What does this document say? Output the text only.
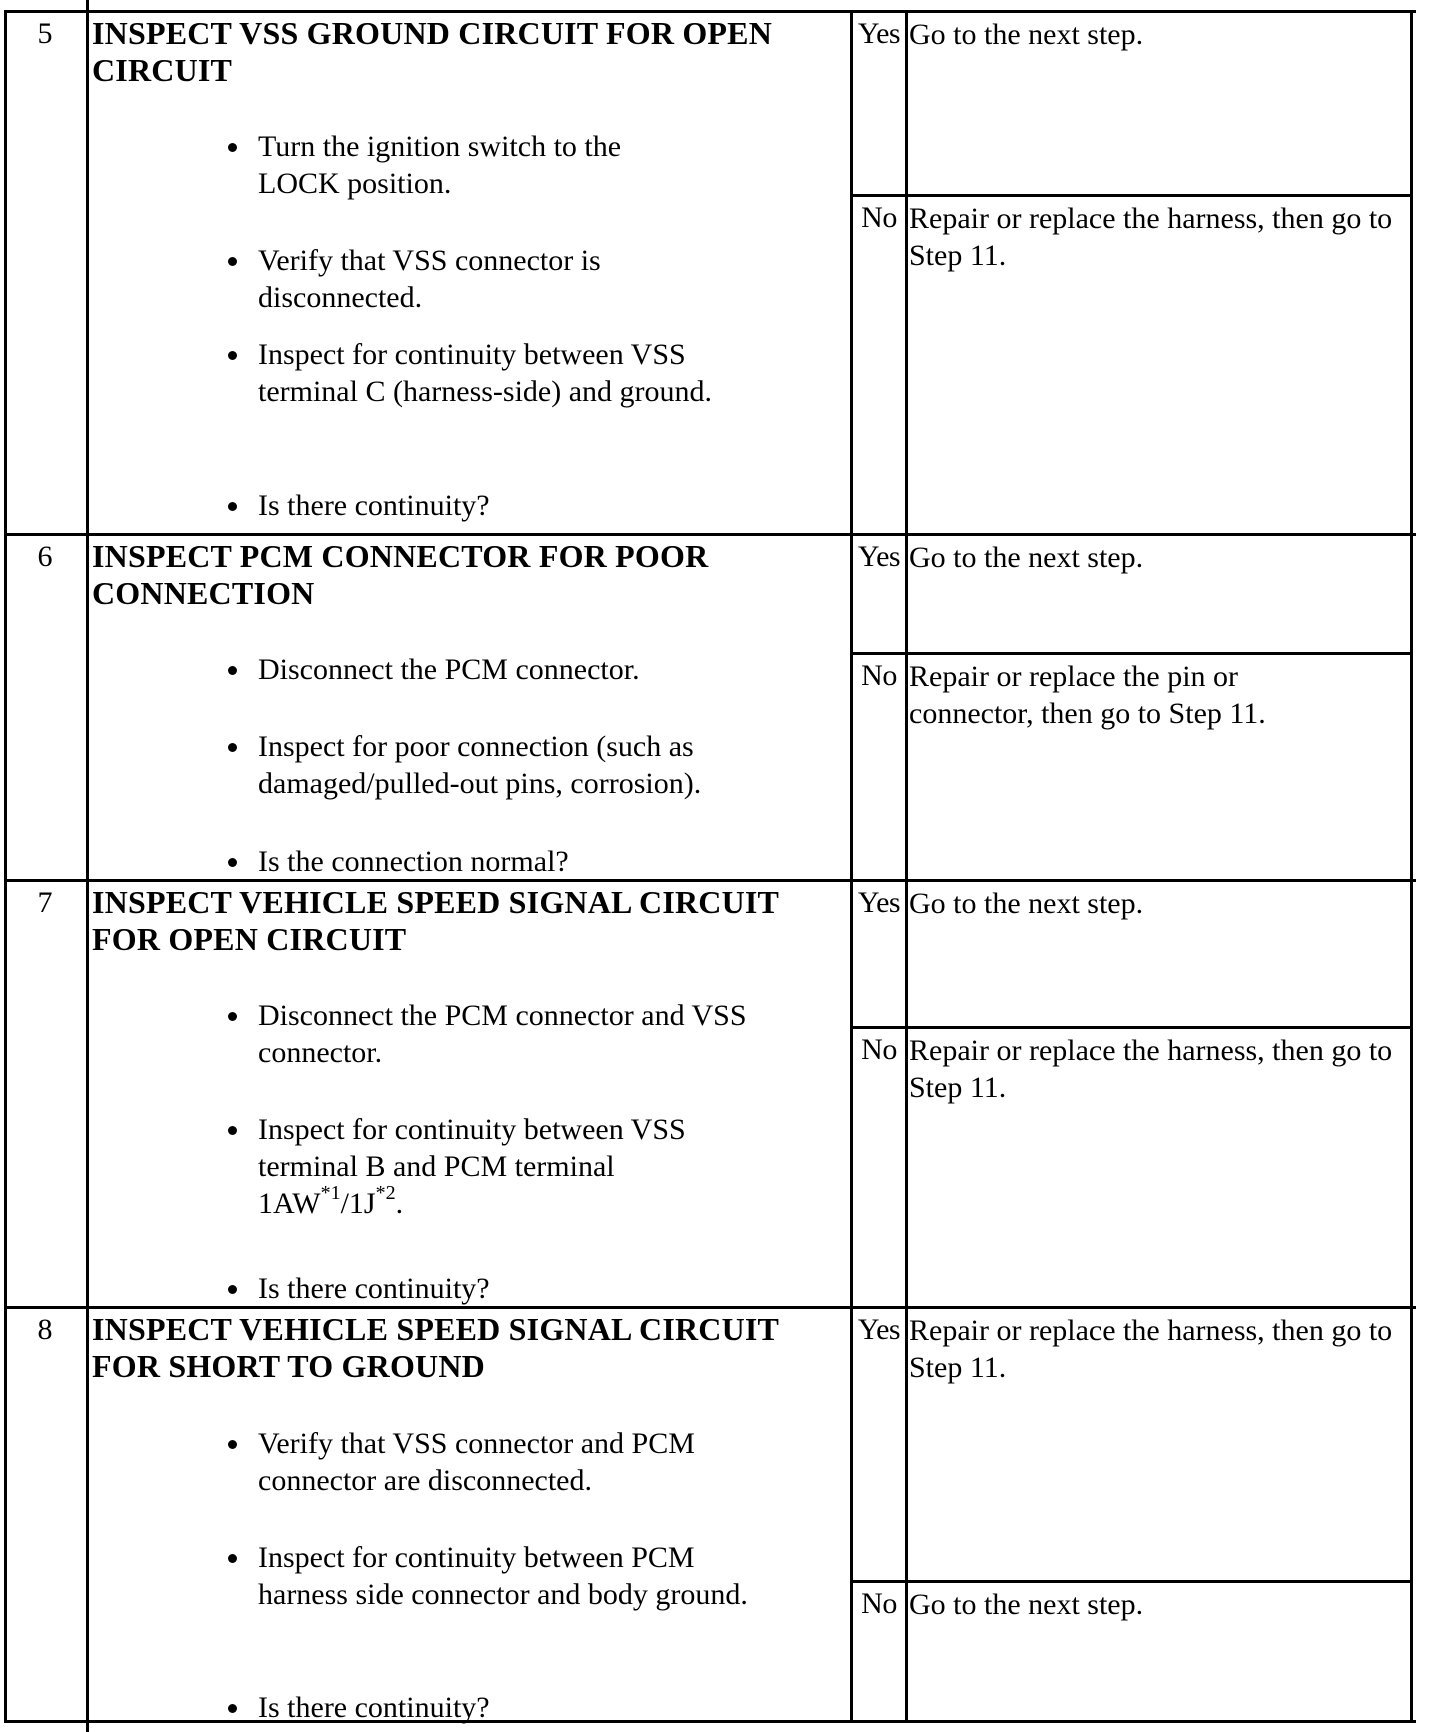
5	INSPECT VSS GROUND CIRCUIT FOR OPEN CIRCUIT
Turn the ignition switch to the LOCK position.
Verify that VSS connector is disconnected.
Inspect for continuity between VSS terminal C (harness-side) and ground.
Is there continuity?
Yes Go to the next step.
No Repair or replace the harness, then go to Step 11.
6	INSPECT PCM CONNECTOR FOR POOR CONNECTION
Disconnect the PCM connector.
Inspect for poor connection (such as damaged/pulled-out pins, corrosion).
Is the connection normal?
Yes Go to the next step.
No Repair or replace the pin or connector, then go to Step 11.
7	INSPECT VEHICLE SPEED SIGNAL CIRCUIT FOR OPEN CIRCUIT
Disconnect the PCM connector and VSS connector.
Inspect for continuity between VSS terminal B and PCM terminal $1AW^{*1}/1J^{*2}$.
Is there continuity?
Yes Go to the next step.
No Repair or replace the harness, then go to Step 11.
8	INSPECT VEHICLE SPEED SIGNAL CIRCUIT FOR SHORT TO GROUND
Verify that VSS connector and PCM connector are disconnected.
Inspect for continuity between PCM harness side connector and body ground.
Is there continuity?
Yes Repair or replace the harness, then go to Step 11.
No Go to the next step.
